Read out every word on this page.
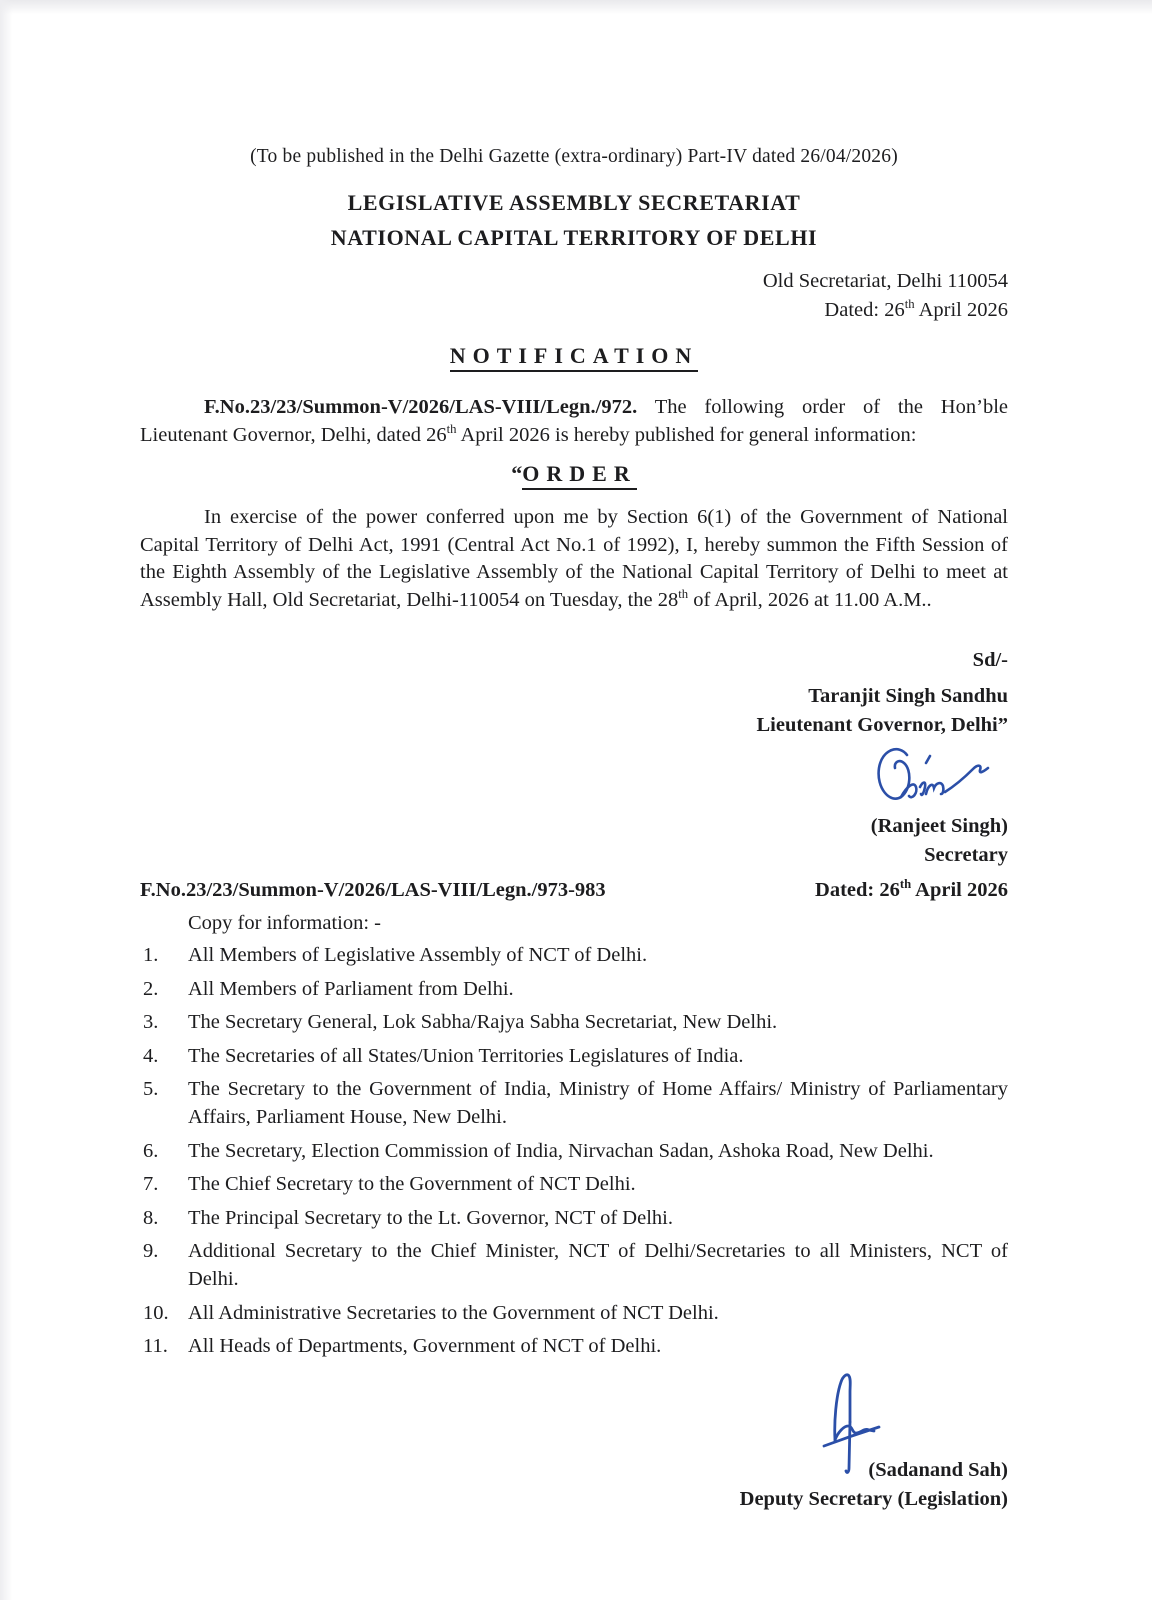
(To be published in the Delhi Gazette (extra-ordinary) Part-IV dated 26/04/2026)
LEGISLATIVE ASSEMBLY SECRETARIAT
NATIONAL CAPITAL TERRITORY OF DELHI
Old Secretariat, Delhi 110054
Dated: 26th April 2026
NOTIFICATION
F.No.23/23/Summon-V/2026/LAS-VIII/Legn./972. The following order of the Hon’ble Lieutenant Governor, Delhi, dated 26th April 2026 is hereby published for general information:
“ORDER
In exercise of the power conferred upon me by Section 6(1) of the Government of National Capital Territory of Delhi Act, 1991 (Central Act No.1 of 1992), I, hereby summon the Fifth Session of the Eighth Assembly of the Legislative Assembly of the National Capital Territory of Delhi to meet at Assembly Hall, Old Secretariat, Delhi-110054 on Tuesday, the 28th of April, 2026 at 11.00 A.M..
Sd/-
Taranjit Singh Sandhu
Lieutenant Governor, Delhi”
(Ranjeet Singh)
Secretary
F.No.23/23/Summon-V/2026/LAS-VIII/Legn./973-983	Dated: 26th April 2026
Copy for information: -
1.	All Members of Legislative Assembly of NCT of Delhi.
2.	All Members of Parliament from Delhi.
3.	The Secretary General, Lok Sabha/Rajya Sabha Secretariat, New Delhi.
4.	The Secretaries of all States/Union Territories Legislatures of India.
5.	The Secretary to the Government of India, Ministry of Home Affairs/ Ministry of Parliamentary Affairs, Parliament House, New Delhi.
6.	The Secretary, Election Commission of India, Nirvachan Sadan, Ashoka Road, New Delhi.
7.	The Chief Secretary to the Government of NCT Delhi.
8.	The Principal Secretary to the Lt. Governor, NCT of Delhi.
9.	Additional Secretary to the Chief Minister, NCT of Delhi/Secretaries to all Ministers, NCT of Delhi.
10. All Administrative Secretaries to the Government of NCT Delhi.
11. All Heads of Departments, Government of NCT of Delhi.
(Sadanand Sah)
Deputy Secretary (Legislation)
